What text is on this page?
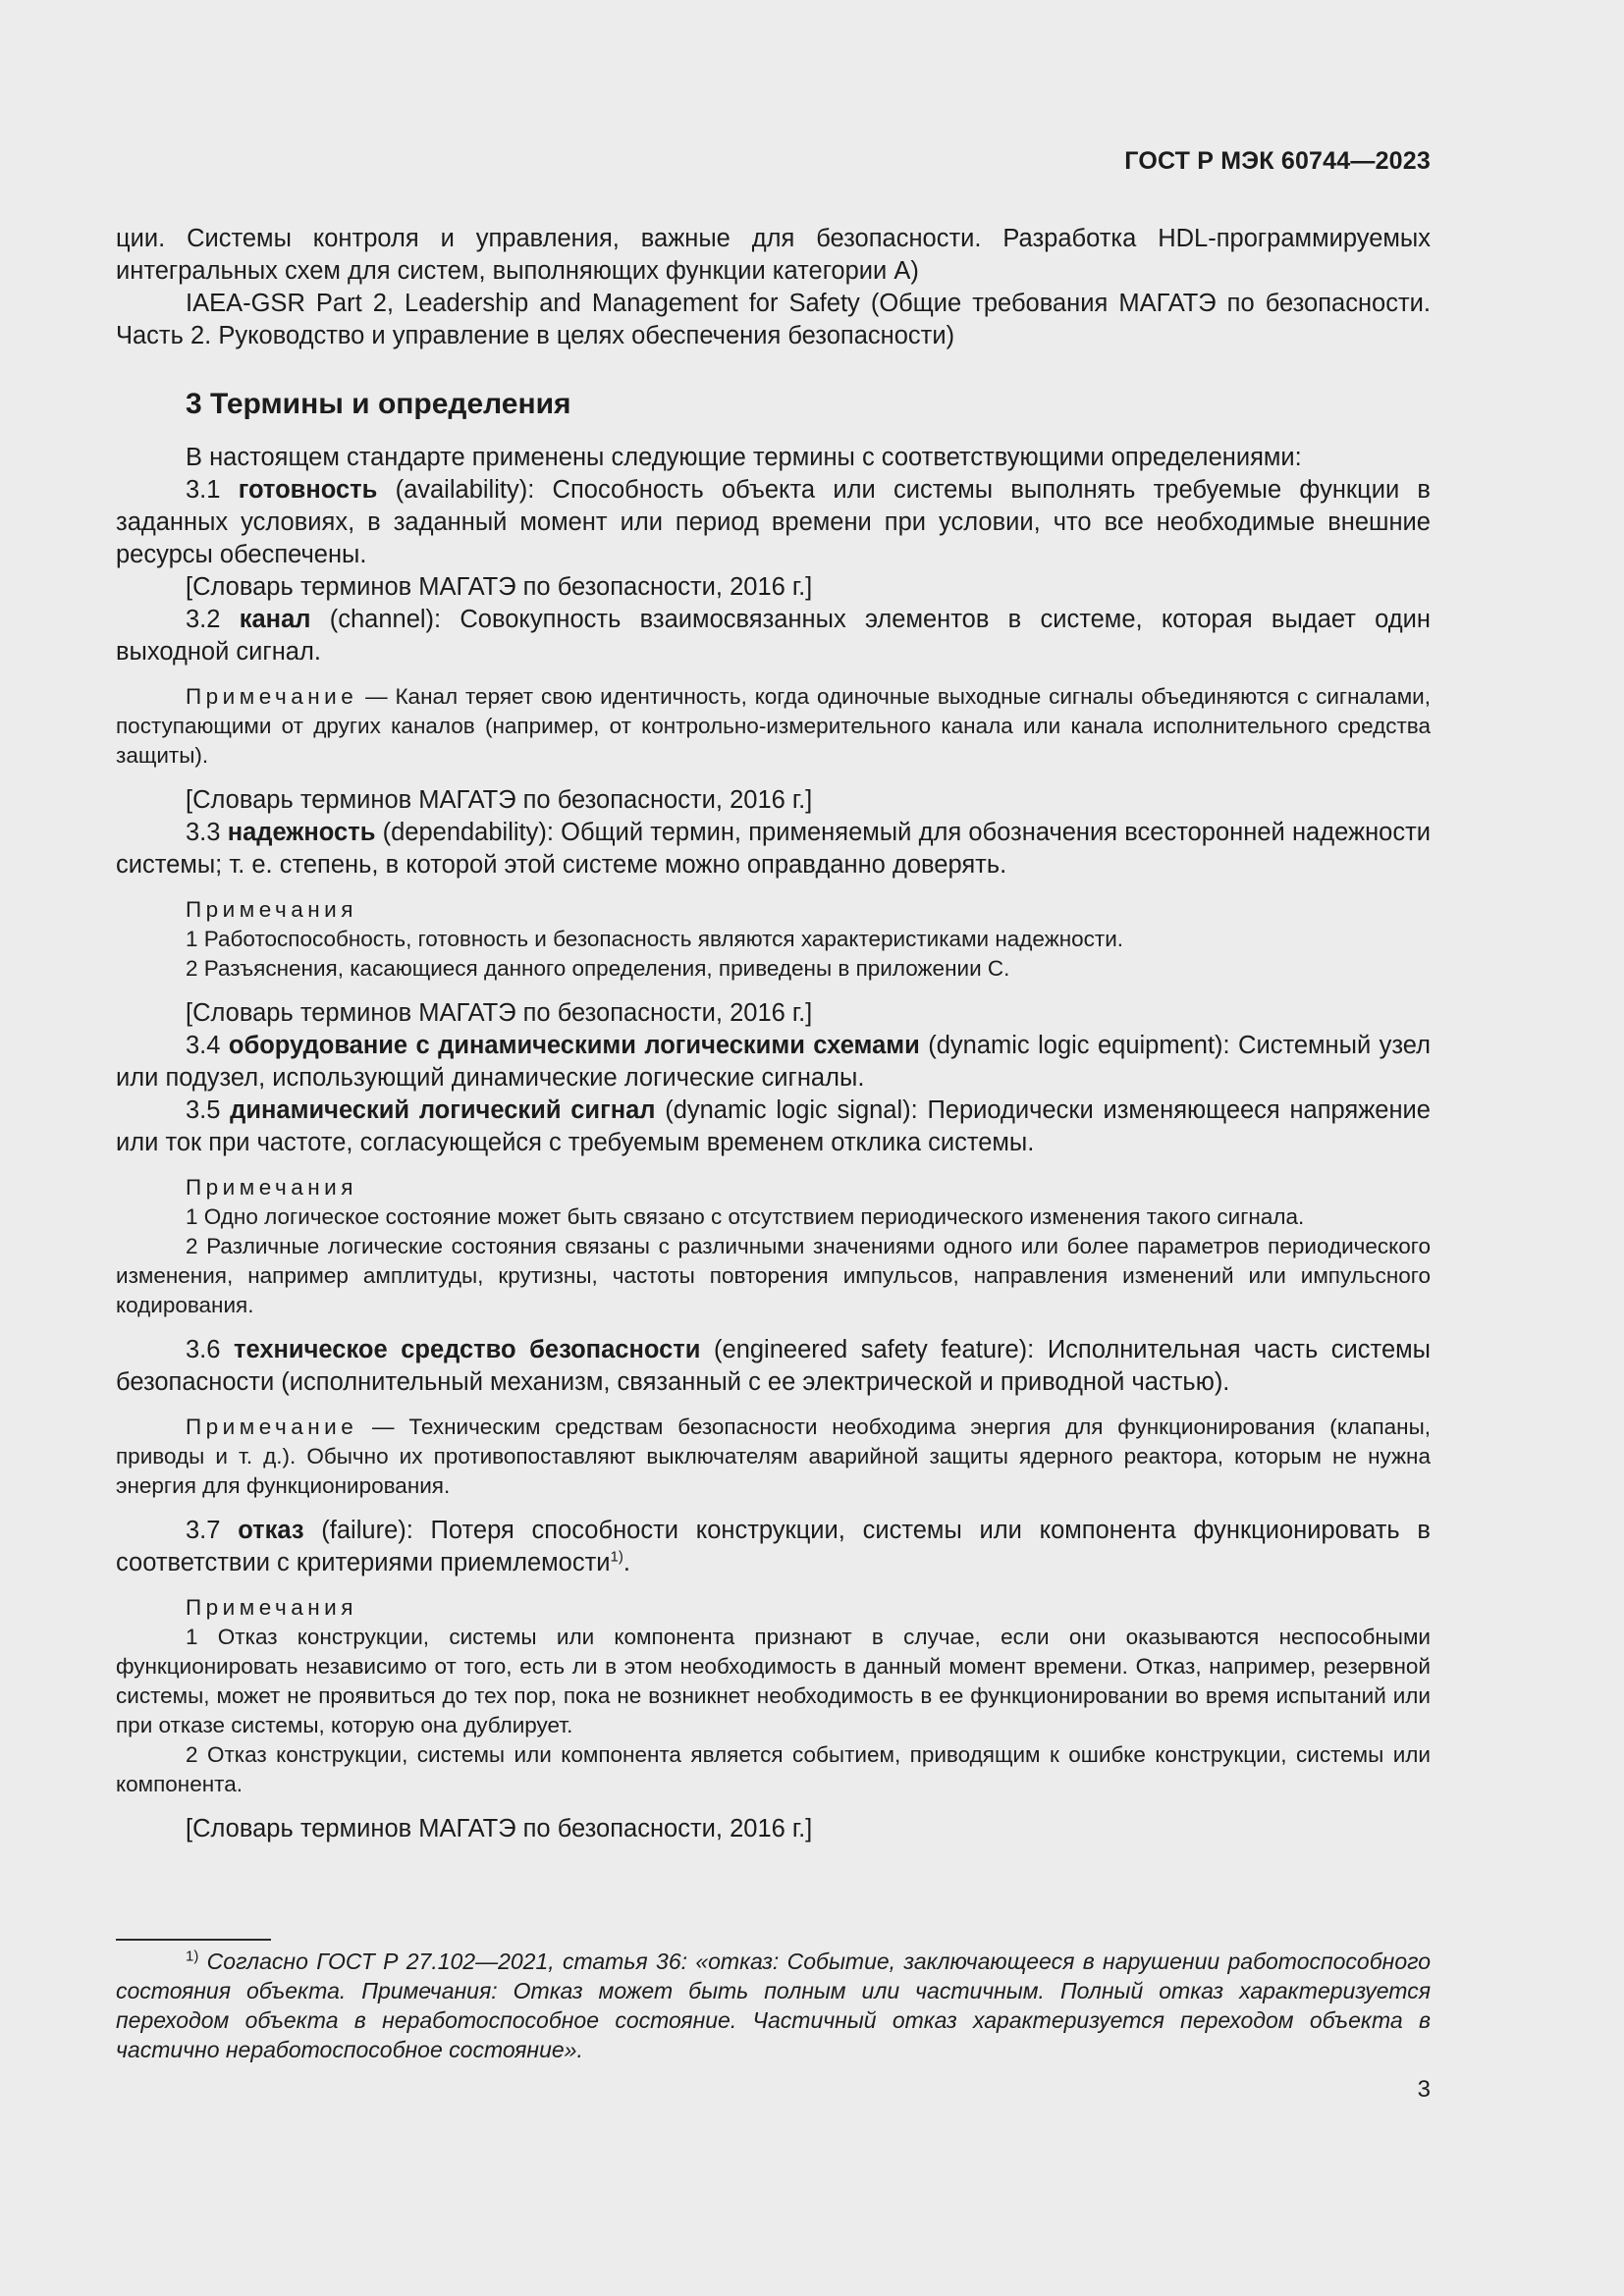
ГОСТ Р МЭК 60744—2023

ции. Системы контроля и управления, важные для безопасности. Разработка HDL-программируемых интегральных схем для систем, выполняющих функции категории А)

IAEA-GSR Part 2, Leadership and Management for Safety (Общие требования МАГАТЭ по безопасности. Часть 2. Руководство и управление в целях обеспечения безопасности)

3 Термины и определения

В настоящем стандарте применены следующие термины с соответствующими определениями:

3.1 готовность (availability): Способность объекта или системы выполнять требуемые функции в заданных условиях, в заданный момент или период времени при условии, что все необходимые внешние ресурсы обеспечены.

[Словарь терминов МАГАТЭ по безопасности, 2016 г.]

3.2 канал (channel): Совокупность взаимосвязанных элементов в системе, которая выдает один выходной сигнал.

Примечание — Канал теряет свою идентичность, когда одиночные выходные сигналы объединяются с сигналами, поступающими от других каналов (например, от контрольно-измерительного канала или канала исполнительного средства защиты).

[Словарь терминов МАГАТЭ по безопасности, 2016 г.]

3.3 надежность (dependability): Общий термин, применяемый для обозначения всесторонней надежности системы; т. е. степень, в которой этой системе можно оправданно доверять.

Примечания

1 Работоспособность, готовность и безопасность являются характеристиками надежности.

2 Разъяснения, касающиеся данного определения, приведены в приложении С.

[Словарь терминов МАГАТЭ по безопасности, 2016 г.]

3.4 оборудование с динамическими логическими схемами (dynamic logic equipment): Системный узел или подузел, использующий динамические логические сигналы.

3.5 динамический логический сигнал (dynamic logic signal): Периодически изменяющееся напряжение или ток при частоте, согласующейся с требуемым временем отклика системы.

Примечания

1 Одно логическое состояние может быть связано с отсутствием периодического изменения такого сигнала.

2 Различные логические состояния связаны с различными значениями одного или более параметров периодического изменения, например амплитуды, крутизны, частоты повторения импульсов, направления изменений или импульсного кодирования.

3.6 техническое средство безопасности (engineered safety feature): Исполнительная часть системы безопасности (исполнительный механизм, связанный с ее электрической и приводной частью).

Примечание — Техническим средствам безопасности необходима энергия для функционирования (клапаны, приводы и т. д.). Обычно их противопоставляют выключателям аварийной защиты ядерного реактора, которым не нужна энергия для функционирования.

3.7 отказ (failure): Потеря способности конструкции, системы или компонента функционировать в соответствии с критериями приемлемости$^{1)}$.

Примечания

1 Отказ конструкции, системы или компонента признают в случае, если они оказываются неспособными функционировать независимо от того, есть ли в этом необходимость в данный момент времени. Отказ, например, резервной системы, может не проявиться до тех пор, пока не возникнет необходимость в ее функционировании во время испытаний или при отказе системы, которую она дублирует.

2 Отказ конструкции, системы или компонента является событием, приводящим к ошибке конструкции, системы или компонента.

[Словарь терминов МАГАТЭ по безопасности, 2016 г.]

$^{1)}$ Согласно ГОСТ Р 27.102—2021, статья 36: «отказ: Событие, заключающееся в нарушении работоспособного состояния объекта. Примечания: Отказ может быть полным или частичным. Полный отказ характеризуется переходом объекта в неработоспособное состояние. Частичный отказ характеризуется переходом объекта в частично неработоспособное состояние».

3
